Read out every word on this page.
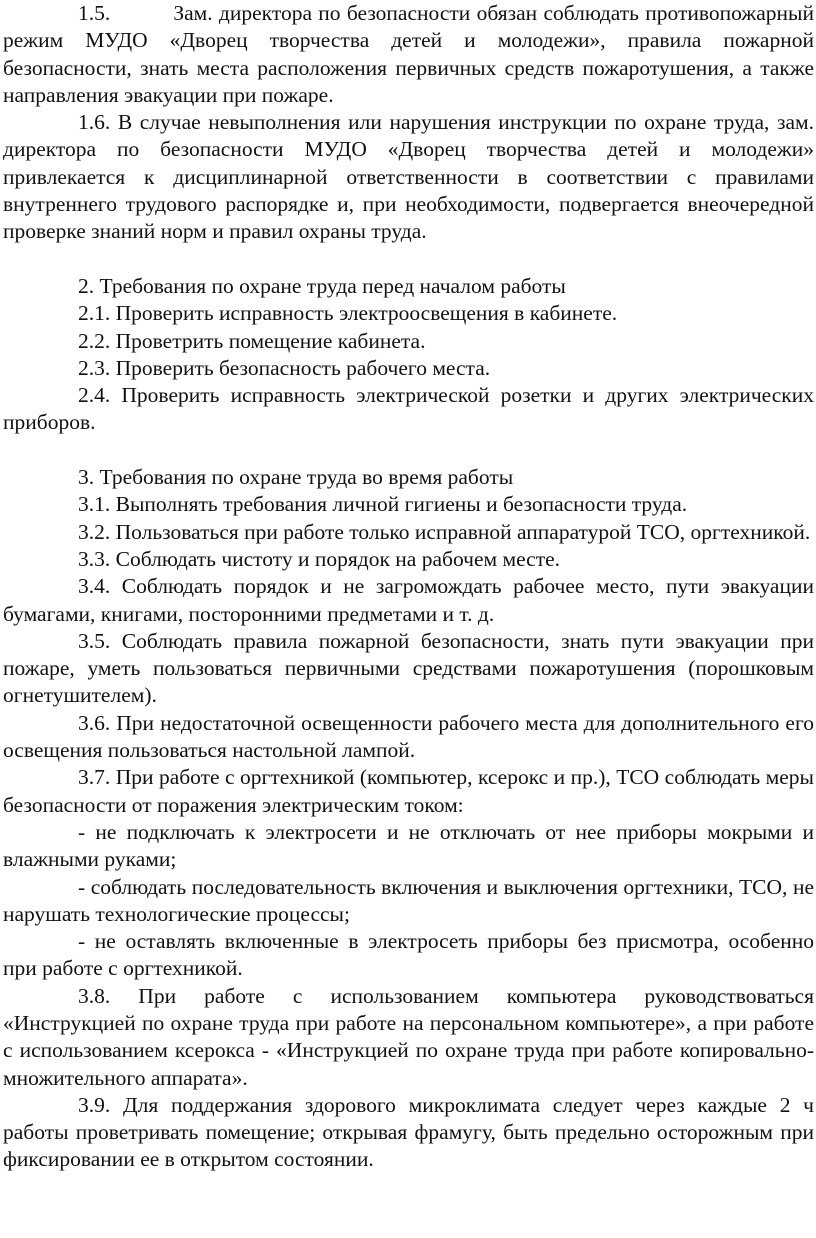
1.5.          Зам. директора по безопасности обязан соблюдать противопожарный режим МУДО «Дворец творчества детей и молодежи», правила пожарной безопасности, знать места расположения первичных средств пожаротушения, а также направления эвакуации при пожаре.

1.6. В случае невыполнения или нарушения инструкции по охране труда, зам. директора по безопасности МУДО «Дворец творчества детей и молодежи» привлекается к дисциплинарной ответственности в соответствии с правилами внутреннего трудового распорядке и, при необходимости, подвергается внеочередной проверке знаний норм и правил охраны труда.

2. Требования по охране труда перед началом работы

2.1. Проверить исправность электроосвещения в кабинете.

2.2. Проветрить помещение кабинета.

2.3. Проверить безопасность рабочего места.

2.4. Проверить исправность электрической розетки и других электрических приборов.

3. Требования по охране труда во время работы

3.1. Выполнять требования личной гигиены и безопасности труда.

3.2. Пользоваться при работе только исправной аппаратурой ТСО, оргтехникой.

3.3. Соблюдать чистоту и порядок на рабочем месте.

3.4. Соблюдать порядок и не загромождать рабочее место, пути эвакуации бумагами, книгами, посторонними предметами и т. д.

3.5. Соблюдать правила пожарной безопасности, знать пути эвакуации при пожаре, уметь пользоваться первичными средствами пожаротушения (порошковым огнетушителем).

3.6. При недостаточной освещенности рабочего места для дополнительного его освещения пользоваться настольной лампой.

3.7. При работе с оргтехникой (компьютер, ксерокс и пр.), ТСО соблюдать меры безопасности от поражения электрическим током:

- не подключать к электросети и не отключать от нее приборы мокрыми и влажными руками;

- соблюдать последовательность включения и выключения оргтехники, ТСО, не нарушать технологические процессы;

- не оставлять включенные в электросеть приборы без присмотра, особенно при работе с оргтехникой.

3.8. При работе с использованием компьютера руководствоваться «Инструкцией по охране труда при работе на персональном компьютере», а при работе с использованием ксерокса - «Инструкцией по охране труда при работе копировально-множительного аппарата».

3.9. Для поддержания здорового микроклимата следует через каждые 2 ч работы проветривать помещение; открывая фрамугу, быть предельно осторожным при фиксировании ее в открытом состоянии.
